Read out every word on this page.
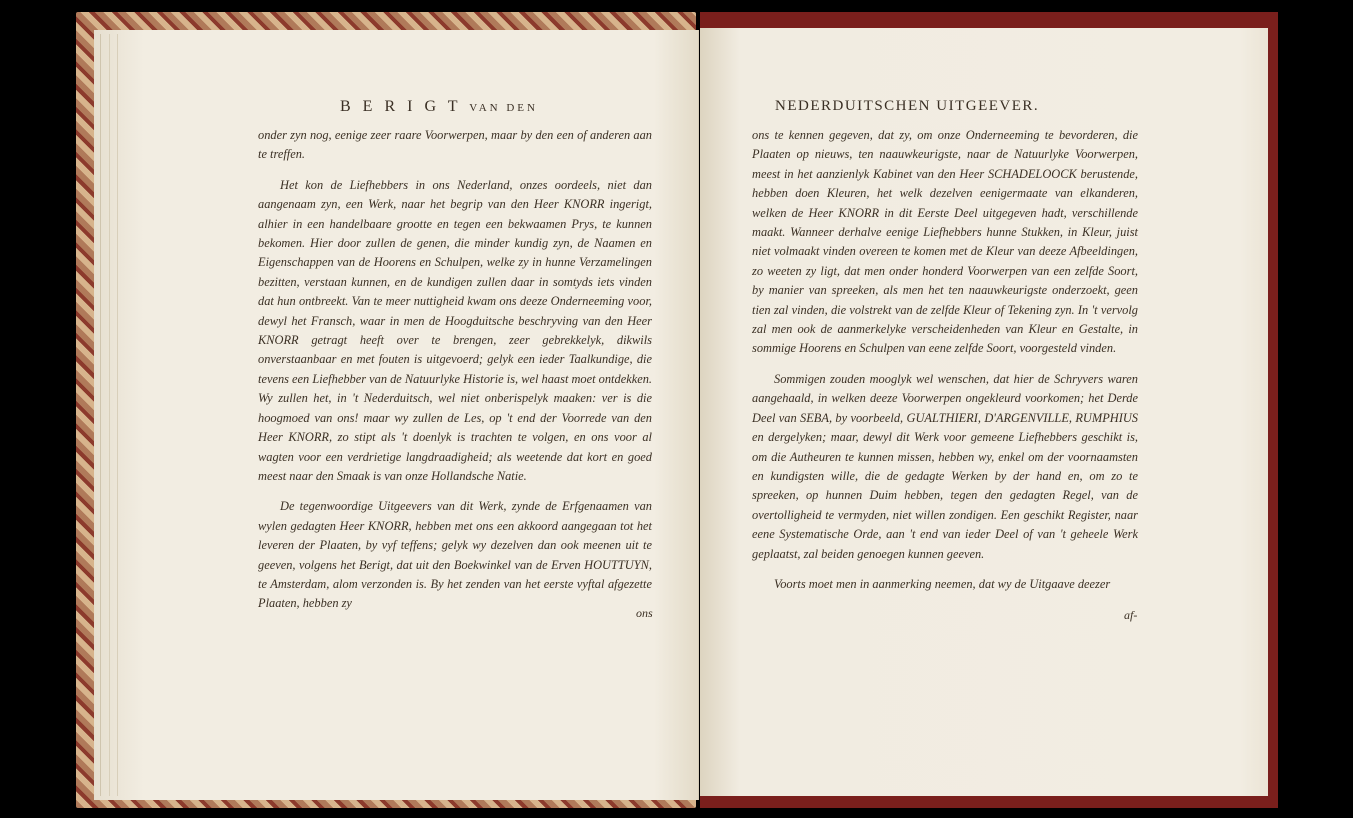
B E R I G T VAN DEN

onder zyn nog, eenige zeer raare Voorwerpen, maar by den een of anderen aan te treffen.

Het kon de Liefhebbers in ons Nederland, onzes oordeels, niet dan aangenaam zyn, een Werk, naar het begrip van den Heer KNORR ingerigt, alhier in een handelbaare grootte en tegen een bekwaamen Prys, te kunnen bekomen. Hier door zullen de genen, die minder kundig zyn, de Naamen en Eigenschappen van de Hoorens en Schulpen, welke zy in hunne Verzamelingen bezitten, verstaan kunnen, en de kundigen zullen daar in somtyds iets vinden dat hun ontbreekt. Van te meer nuttigheid kwam ons deeze Onderneeming voor, dewyl het Fransch, waar in men de Hoogduitsche beschryving van den Heer KNORR getragt heeft over te brengen, zeer gebrekkelyk, dikwils onverstaanbaar en met fouten is uitgevoerd; gelyk een ieder Taalkundige, die tevens een Liefhebber van de Natuurlyke Historie is, wel haast moet ontdekken. Wy zullen het, in 't Nederduitsch, wel niet onberispelyk maaken: ver is die hoogmoed van ons! maar wy zullen de Les, op 't end der Voorrede van den Heer KNORR, zo stipt als 't doenlyk is trachten te volgen, en ons voor al wagten voor een verdrietige langdraadigheid; als weetende dat kort en goed meest naar den Smaak is van onze Hollandsche Natie.

De tegenwoordige Uitgeevers van dit Werk, zynde de Erfgenaamen van wylen gedagten Heer KNORR, hebben met ons een akkoord aangegaan tot het leveren der Plaaten, by vyf teffens; gelyk wy dezelven dan ook meenen uit te geeven, volgens het Berigt, dat uit den Boekwinkel van de Erven HOUTTUYN, te Amsterdam, alom verzonden is. By het zenden van het eerste vyftal afgezette Plaaten, hebben zy

ons
NEDERDUITSCHEN UITGEEVER.

ons te kennen gegeven, dat zy, om onze Onderneeming te bevorderen, die Plaaten op nieuws, ten naauwkeurigste, naar de Natuurlyke Voorwerpen, meest in het aanzienlyk Kabinet van den Heer SCHADELOOCK berustende, hebben doen Kleuren, het welk dezelven eenigermaate van elkanderen, welken de Heer KNORR in dit Eerste Deel uitgegeven hadt, verschillende maakt. Wanneer derhalve eenige Liefhebbers hunne Stukken, in Kleur, juist niet volmaakt vinden overeen te komen met de Kleur van deeze Afbeeldingen, zo weeten zy ligt, dat men onder honderd Voorwerpen van een zelfde Soort, by manier van spreeken, als men het ten naauwkeurigste onderzoekt, geen tien zal vinden, die volstrekt van de zelfde Kleur of Tekening zyn. In 't vervolg zal men ook de aanmerkelyke verscheidenheden van Kleur en Gestalte, in sommige Hoorens en Schulpen van eene zelfde Soort, voorgesteld vinden.

Sommigen zouden mooglyk wel wenschen, dat hier de Schryvers waren aangehaald, in welken deeze Voorwerpen ongekleurd voorkomen; het Derde Deel van SEBA, by voorbeeld, GUALTHIERI, D'ARGENVILLE, RUMPHIUS en dergelyken; maar, dewyl dit Werk voor gemeene Liefhebbers geschikt is, om die Autheuren te kunnen missen, hebben wy, enkel om der voornaamsten en kundigsten wille, die de gedagte Werken by der hand en, om zo te spreeken, op hunnen Duim hebben, tegen den gedagten Regel, van de overtolligheid te vermyden, niet willen zondigen. Een geschikt Register, naar eene Systematische Orde, aan 't end van ieder Deel of van 't geheele Werk geplaatst, zal beiden genoegen kunnen geeven.

Voorts moet men in aanmerking neemen, dat wy de Uitgaave deezer

af-
